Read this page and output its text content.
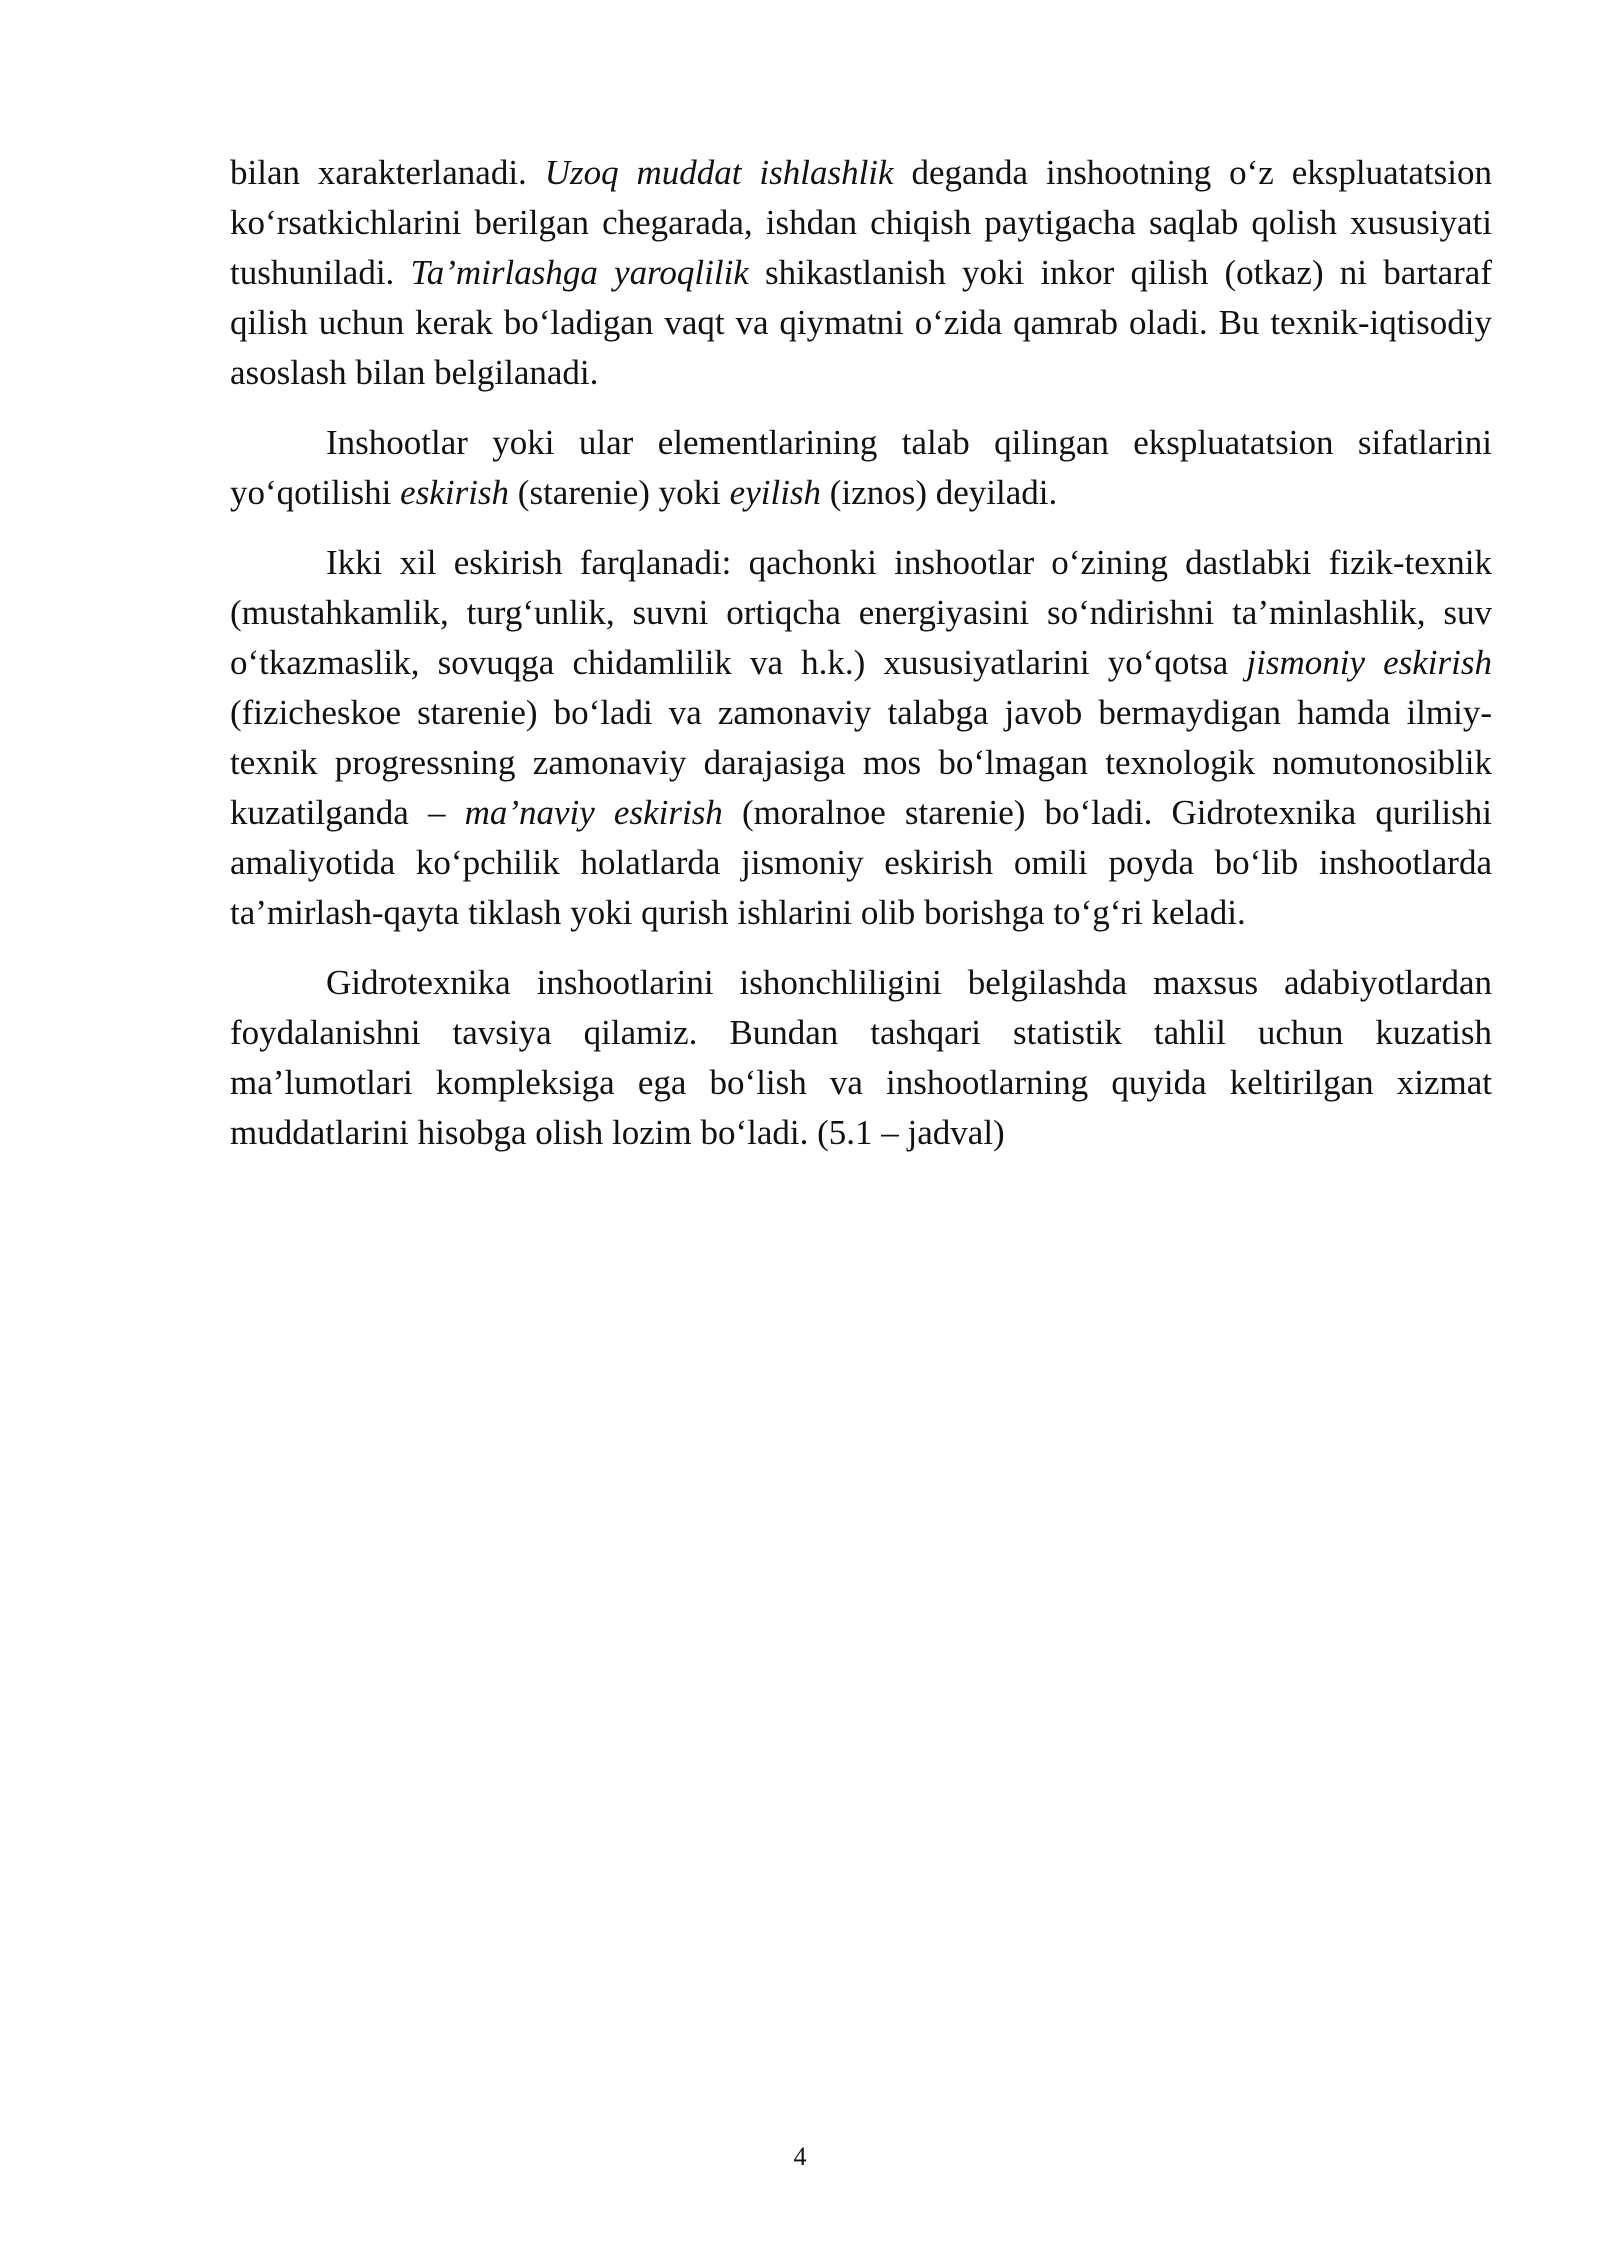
bilan xarakterlanadi. Uzoq muddat ishlashlik deganda inshootning o‘z ekspluatatsion ko‘rsatkichlarini berilgan chegarada, ishdan chiqish paytigacha saqlab qolish xususiyati tushuniladi. Ta’mirlashga yaroqlilik shikastlanish yoki inkor qilish (otkaz) ni bartaraf qilish uchun kerak bo‘ladigan vaqt va qiymatni o‘zida qamrab oladi. Bu texnik-iqtisodiy asoslash bilan belgilanadi.

Inshootlar yoki ular elementlarining talab qilingan ekspluatatsion sifatlarini yo‘qotilishi eskirish (starenie) yoki eyilish (iznos) deyiladi.

Ikki xil eskirish farqlanadi: qachonki inshootlar o‘zining dastlabki fizik-texnik (mustahkamlik, turg‘unlik, suvni ortiqcha energiyasini so‘ndirishni ta’minlashlik, suv o‘tkazmaslik, sovuqga chidamlilik va h.k.) xususiyatlarini yo‘qotsa jismoniy eskirish (fizicheskoe starenie) bo‘ladi va zamonaviy talabga javob bermaydigan hamda ilmiy-texnik progressning zamonaviy darajasiga mos bo‘lmagan texnologik nomutonosiblik kuzatilganda – ma’naviy eskirish (moralnoe starenie) bo‘ladi. Gidrotexnika qurilishi amaliyotida ko‘pchilik holatlarda jismoniy eskirish omili poyda bo‘lib inshootlarda ta’mirlash-qayta tiklash yoki qurish ishlarini olib borishga to‘g‘ri keladi.

Gidrotexnika inshootlarini ishonchliligini belgilashda maxsus adabiyotlardan foydalanishni tavsiya qilamiz. Bundan tashqari statistik tahlil uchun kuzatish ma’lumotlari kompleksiga ega bo‘lish va inshootlarning quyida keltirilgan xizmat muddatlarini hisobga olish lozim bo‘ladi. (5.1 – jadval)

4
